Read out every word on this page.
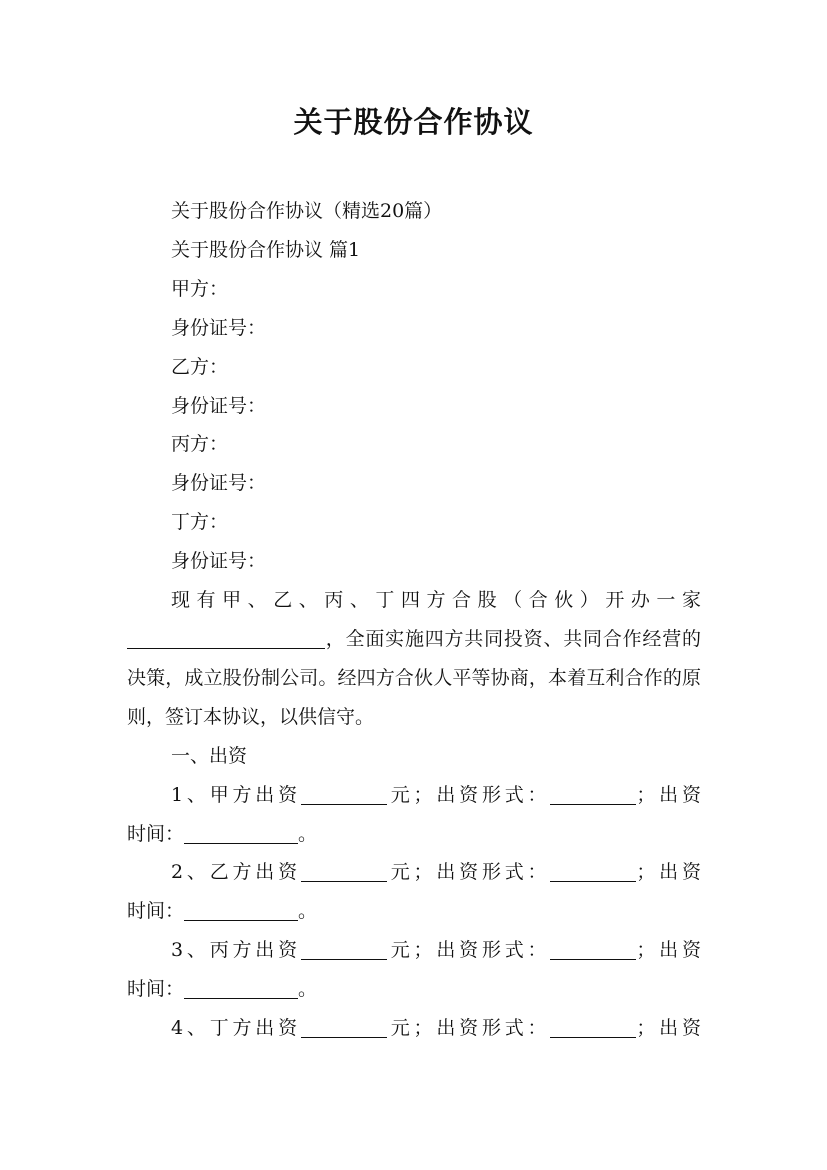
关于股份合作协议

关于股份合作协议（精选20篇）

关于股份合作协议 篇1

甲方：

身份证号：

乙方：

身份证号：

丙方：

身份证号：

丁方：

身份证号：

现有甲、乙、丙、丁四方合股（合伙）开办一家，全面实施四方共同投资、共同合作经营的决策，成立股份制公司。经四方合伙人平等协商，本着互利合作的原则，签订本协议，以供信守。

一、出资

1、甲方出资	元；出资形式：	；出资

时间：	。

2、乙方出资	元；出资形式：	；出资

时间：	。

3、丙方出资	元；出资形式：	；出资

时间：	。

4、丁方出资	元；出资形式：	；出资
